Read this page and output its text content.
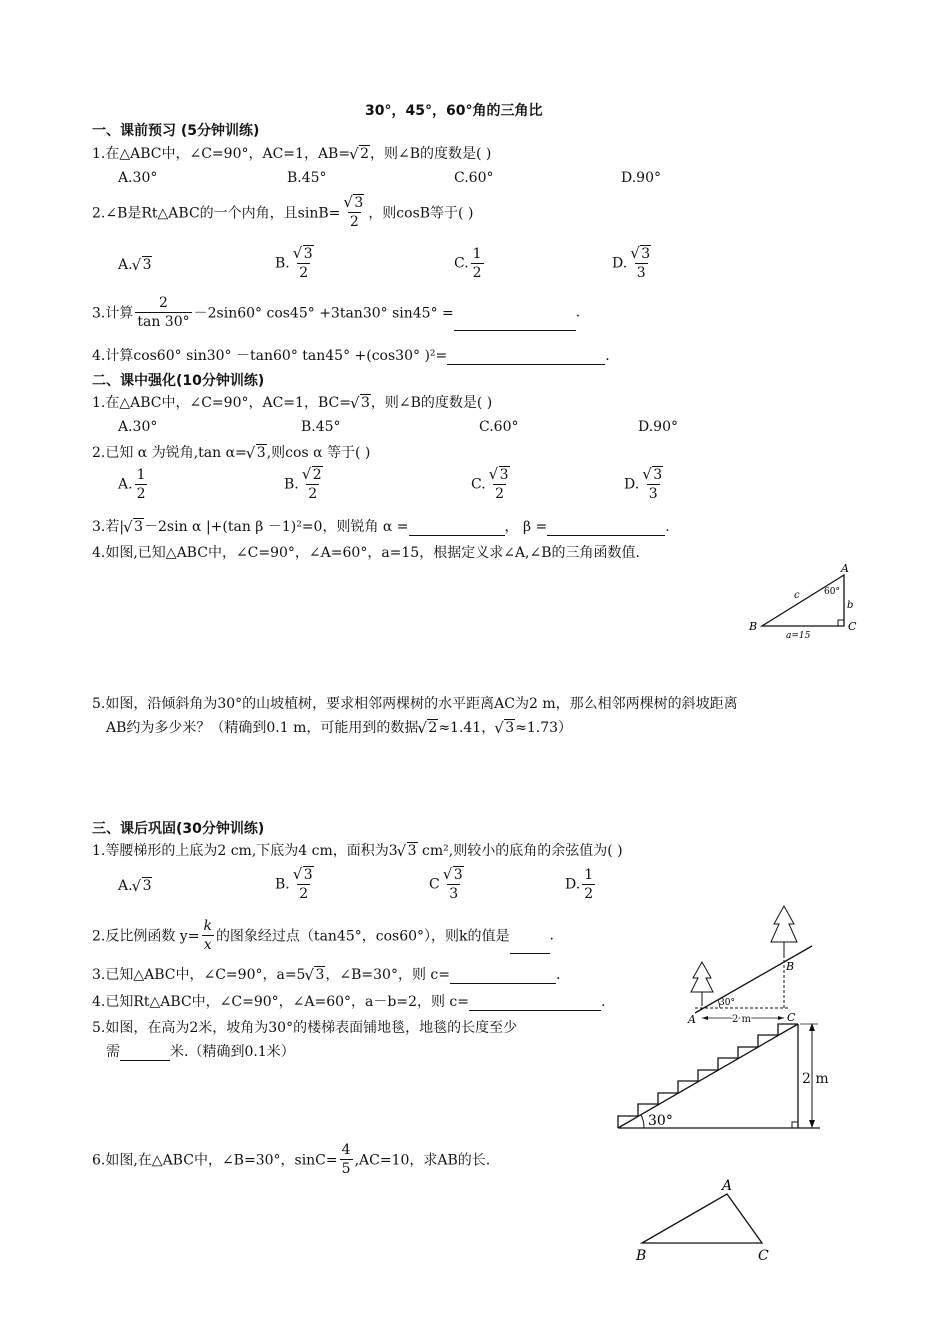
30°，45°，60°角的三角比
一、课前预习 (5分钟训练)
1.在△ABC中，∠C=90°，AC=1，AB= √ 2，则∠B的度数是( )
A.30°	B.45°	C.60°	D.90°
2.∠B是Rt△ABC的一个内角，且sinB= √ $\frac{3}{2}$ ，则cosB等于( )
A. √ 3	B. √ $\frac{3}{2}$	C. $\frac{1}{2}$	D. √ $\frac{3}{3}$
3.计算 $\frac{2}{\tan 30^\circ} -2\sin 60^\circ$ cos45° +3tan30° sin45° =	.
4.计算cos60° sin30° －tan60° tan45° +(cos30° )²=	.
二、课中强化(10分钟训练)
1.在△ABC中，∠C=90°，AC=1，BC= √ 3，则∠B的度数是( )
A.30°	B.45°	C.60°	D.90°
2.已知 α 为锐角,tan α= √ 3,则cos α 等于( )
A. $\frac{1}{2}$	B. √ $\frac{2}{2}$	C. √ $\frac{3}{2}$	D. √ $\frac{3}{3}$
3.若| √ 3－2sin α |+(tan β －1)²=0，则锐角 α =	， β =	.
4.如图,已知△ABC中，∠C=90°，∠A=60°，a=15，根据定义求∠A,∠B的三角函数值.
A
B	C
c
b
a=15
60°
5.如图，沿倾斜角为30°的山坡植树，要求相邻两棵树的水平距离AC为2 m，那么相邻两棵树的斜坡距离
AB约为多少米？（精确到0.1 m，可能用到的数据 √ 2≈1.41， √ 3≈1.73）
三、课后巩固(30分钟训练)
1.等腰梯形的上底为2 cm,下底为4 cm，面积为3 √ 3 cm²,则较小的底角的余弦值为( )
A. √ 3	B. √ $\frac{3}{2}$	C √ $\frac{3}{3}$	D. $\frac{1}{2}$
2.反比例函数 $y= \frac{k}{x}$ 的图象经过点（tan45°，cos60°），则k的值是	.
3.已知△ABC中，∠C=90°，a=5 √ 3，∠B=30°，则 c=	.
4.已知Rt△ABC中，∠C=90°，∠A=60°，a－b=2，则 c=	.
5.如图，在高为2米，坡角为30°的楼梯表面铺地毯，地毯的长度至少
需	米.（精确到0.1米）
30°
2 m
A
B
C
2 m
30°
6.如图,在△ABC中，∠B=30°，$\sin C= \frac{4}{5} ,AC=10$，求AB的长.
A
B	C
